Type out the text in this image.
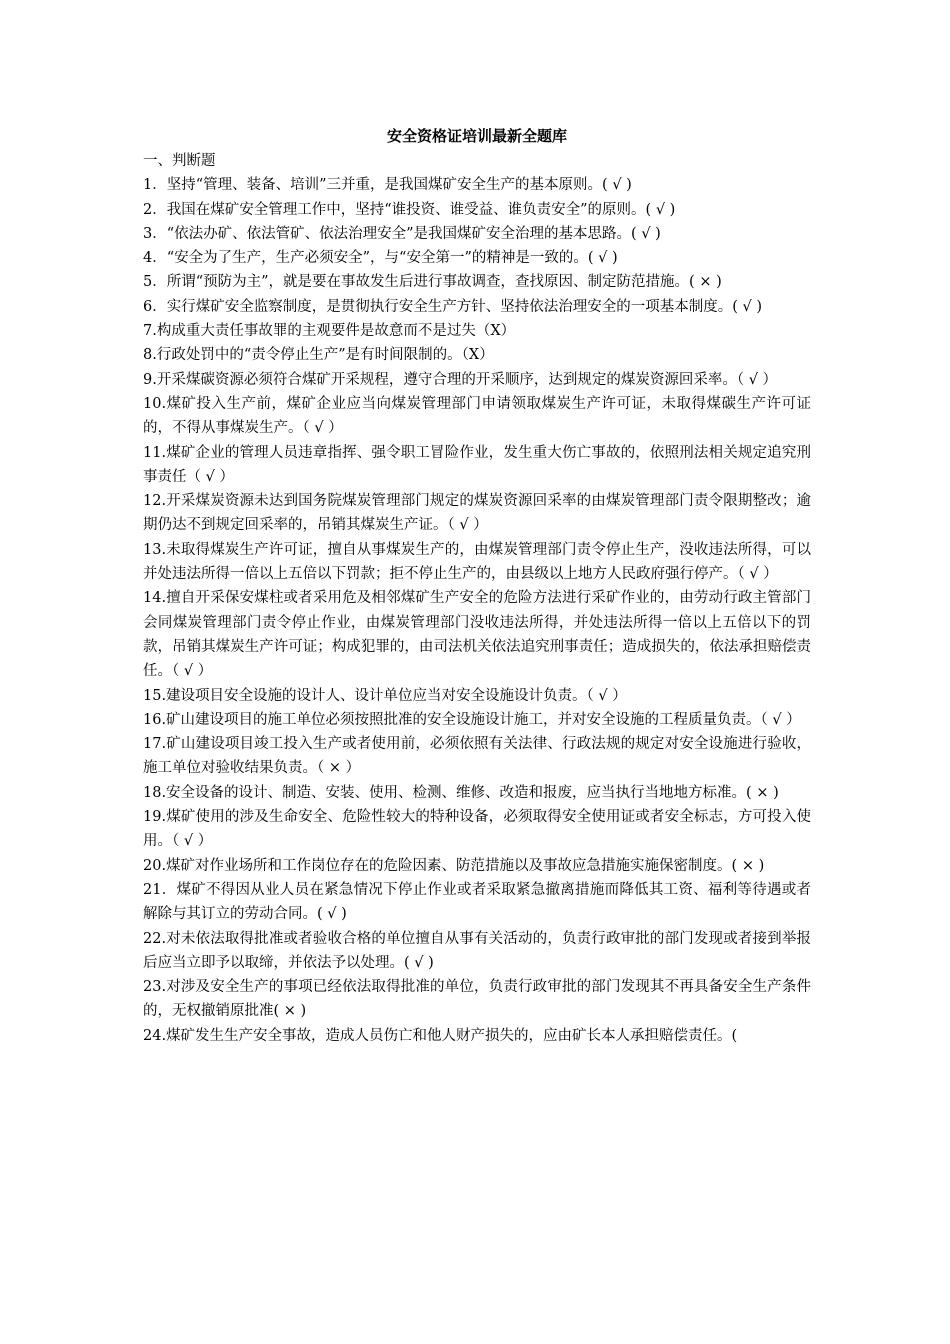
安全资格证培训最新全题库

一、判断题

1．坚持“管理、装备、培训”三并重，是我国煤矿安全生产的基本原则。( √ )

2．我国在煤矿安全管理工作中，坚持“谁投资、谁受益、谁负责安全”的原则。( √ )

3．“依法办矿、依法管矿、依法治理安全”是我国煤矿安全治理的基本思路。( √ )

4．“安全为了生产，生产必须安全”，与“安全第一”的精神是一致的。( √ )

5．所谓“预防为主”，就是要在事故发生后进行事故调查，查找原因、制定防范措施。( × )

6．实行煤矿安全监察制度，是贯彻执行安全生产方针、坚持依法治理安全的一项基本制度。( √ )

7.构成重大责任事故罪的主观要件是故意而不是过失（X）

8.行政处罚中的“责令停止生产”是有时间限制的。（X）

9.开采煤碳资源必须符合煤矿开采规程，遵守合理的开采顺序，达到规定的煤炭资源回采率。（ √ ）

10.煤矿投入生产前，煤矿企业应当向煤炭管理部门申请领取煤炭生产许可证，未取得煤碳生产许可证的，不得从事煤炭生产。（ √ ）

11.煤矿企业的管理人员违章指挥、强令职工冒险作业，发生重大伤亡事故的，依照刑法相关规定追究刑事责任（ √ ）

12.开采煤炭资源未达到国务院煤炭管理部门规定的煤炭资源回采率的由煤炭管理部门责令限期整改；逾期仍达不到规定回采率的，吊销其煤炭生产证。（ √ ）

13.未取得煤炭生产许可证，擅自从事煤炭生产的，由煤炭管理部门责令停止生产，没收违法所得，可以并处违法所得一倍以上五倍以下罚款；拒不停止生产的，由县级以上地方人民政府强行停产。（ √ ）

14.擅自开采保安煤柱或者采用危及相邻煤矿生产安全的危险方法进行采矿作业的，由劳动行政主管部门会同煤炭管理部门责令停止作业，由煤炭管理部门没收违法所得，并处违法所得一倍以上五倍以下的罚款，吊销其煤炭生产许可证；构成犯罪的，由司法机关依法追究刑事责任；造成损失的，依法承担赔偿责任。（ √ ）

15.建设项目安全设施的设计人、设计单位应当对安全设施设计负责。（ √ ）

16.矿山建设项目的施工单位必须按照批准的安全设施设计施工，并对安全设施的工程质量负责。（ √ ）

17.矿山建设项目竣工投入生产或者使用前，必须依照有关法律、行政法规的规定对安全设施进行验收，施工单位对验收结果负责。（ × ）

18.安全设备的设计、制造、安装、使用、检测、维修、改造和报废，应当执行当地地方标准。( × )

19.煤矿使用的涉及生命安全、危险性较大的特种设备，必须取得安全使用证或者安全标志，方可投入使用。（ √ ）

20.煤矿对作业场所和工作岗位存在的危险因素、防范措施以及事故应急措施实施保密制度。( × )

21．煤矿不得因从业人员在紧急情况下停止作业或者采取紧急撤离措施而降低其工资、福利等待遇或者解除与其订立的劳动合同。( √ )

22.对未依法取得批准或者验收合格的单位擅自从事有关活动的，负责行政审批的部门发现或者接到举报后应当立即予以取缔，并依法予以处理。( √ )

23.对涉及安全生产的事项已经依法取得批准的单位，负责行政审批的部门发现其不再具备安全生产条件的，无权撤销原批准( × )

24.煤矿发生生产安全事故，造成人员伤亡和他人财产损失的，应由矿长本人承担赔偿责任。(
